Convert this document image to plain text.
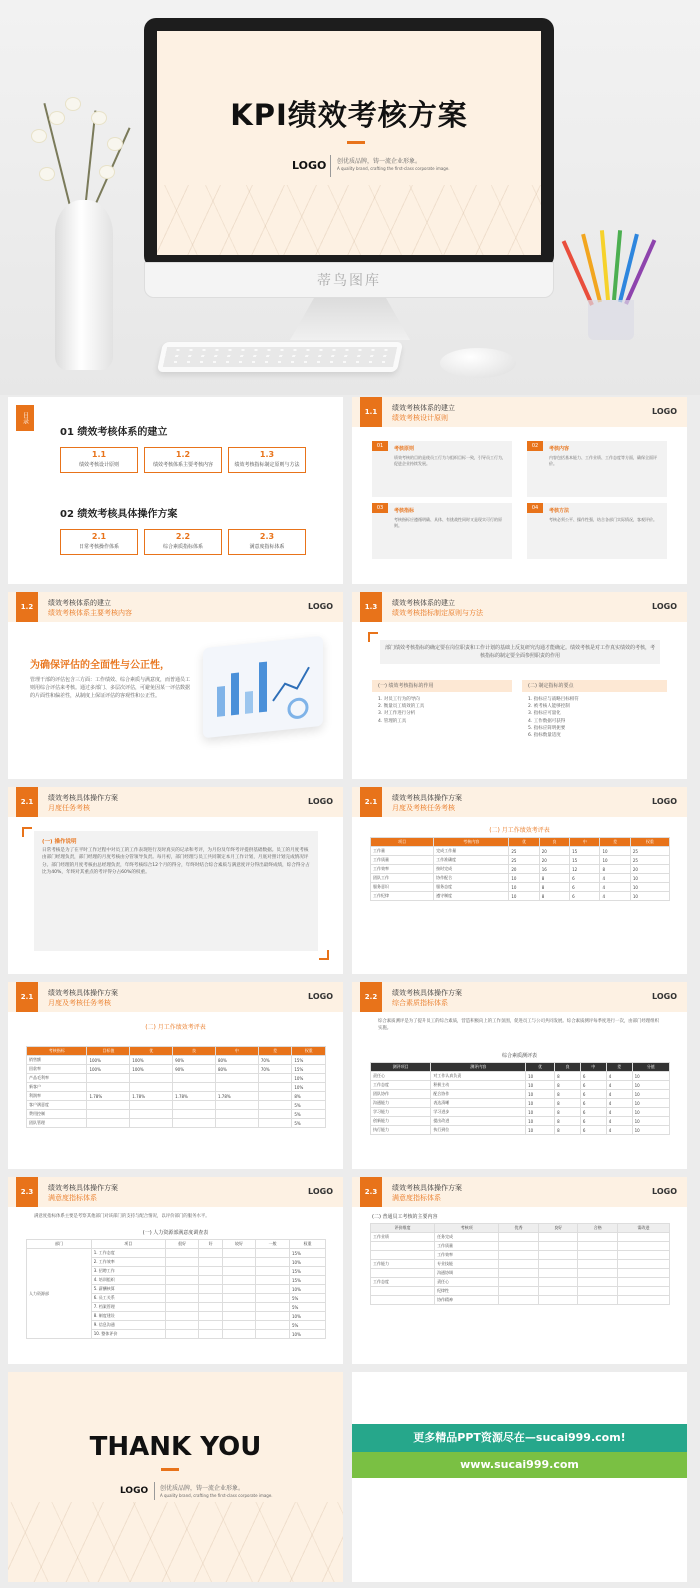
KPI绩效考核方案
LOGO 创优质品牌，铸一流企业形象。
A quality brand, crafting the first-class corporate image.
蒂鸟图库
目录
01 绩效考核体系的建立
1.1
绩效考核设计原则
1.2
绩效考核体系主要考核内容
1.3
绩效考核指标制定原则与方法
02 绩效考核具体操作方案
2.1
日常考核操作体系
2.2
综合素质指标体系
2.3
满意度指标体系
1.1	绩效考核体系的建立
绩效考核设计原则
LOGO
01	考核原则
绩效考核的目的是使员工行为与组织目标一致，引导员工行为，促进企业持续发展。
02	考核内容
内容包括基本能力、工作业绩、工作态度等方面，确保全面评价。
03	考核指标
考核指标应遵循明确、具体、有挑战性同时又是现实可行的原则。
04	考核方法
考核必须公平、操作性强，结合各部门实际情况，客观评价。
1.2	绩效考核体系的建立
绩效考核体系主要考核内容
LOGO
为确保评估的全面性与公正性，
管理干部的评估包含三方面：工作绩效、综合素质与满意度，而普通员工则用综合评估来考核。通过多部门、多层次评估，可避免因某一评估数据的片面性和偏差性，从制度上保证评估的客观性和公正性。
1.3	绩效考核体系的建立
绩效考核指标制定原则与方法
LOGO
部门绩效考核指标的确定要在岗位职责和工作计划的基础上反复研究沟通才能确定。绩效考核是对工作真实绩效的考核，考核指标的制定要全面参照职责的作用
(一) 绩效考核指标的作用	(二) 制定指标的要点
1. 对员工行为的导向
2. 衡量员工绩效的工具
3. 对工作进行分析
4. 管理的工具
1. 指标应与战略目标相符
2. 被考核人能够控制
3. 指标应可量化
4. 工作数据可获得
5. 指标应简明扼要
6. 指标数量适度
2.1	绩效考核具体操作方案
月度任务考核
LOGO
(一) 操作说明
日常考核是为了在平时工作过程中对员工的工作表现进行及时真实的记录和考评，为月份及年终考评提供基础数据。员工的月度考核由部门经理负责，部门经理的月度考核由分管领导负责。每月初，部门经理与员工共同制定本月工作计划，月底对照计划完成情况评分。部门经理的月度考核由总经理负责，年终考核综合12个月的得分，年终时结合综合素质与满意度评分得出最终成绩，综合得分占比为40%，年终对其重点的考评得分占60%的权重。
2.1	绩效考核具体操作方案
月度及考核任务考核
LOGO
(二) 月工作绩效考评表
项目	考核内容	优	良	中	差	权重
工作量	完成工作量	25	20	15	10	25
工作质量	工作准确度	25	20	15	10	25
工作效率	按时完成	20	16	12	8	20
团队工作	协作配合	10	8	6	4	10
服务意识	服务态度	10	8	6	4	10
工作纪律	遵守制度	10	8	6	4	10
2.1	绩效考核具体操作方案
月度及考核任务考核
LOGO
(二) 月工作绩效考评表
考核指标	目标值	优	良	中	差	权重
销售额	100%	100%	90%	80%	70%	15%
回款率	100%	100%	90%	80%	70%	15%
产品毛利率						10%
新客户						10%
利润率	1.78%	1.78%	1.78%	1.78%		8%
客户满意度						5%
费用控制						5%
团队管理						5%
2.2	绩效考核具体操作方案
综合素质指标体系
LOGO
综合素质测评是为了提升员工的综合素质，营造积极向上的工作氛围，促进员工与公司共同发展。综合素质测评每季度进行一次，由部门经理组织实施。
综合素质测评表
测评项目	测评内容	优	良	中	差	分值
责任心	对工作认真负责	10	8	6	4	10
工作态度	积极主动	10	8	6	4	10
团队协作	配合协作	10	8	6	4	10
沟通能力	表达清晰	10	8	6	4	10
学习能力	学习进步	10	8	6	4	10
创新能力	提出改进	10	8	6	4	10
执行能力	执行到位	10	8	6	4	10
2.3	绩效考核具体操作方案
满意度指标体系
LOGO
满意度指标体系主要是考察其他部门对该部门的支持与配合情况，以评价部门的服务水平。
(一) 人力资源部满意度调查表
部门	项目	很好	好	较好	一般	权重
人力资源部	1. 工作态度					15%
	2. 工作效率					10%
	3. 招聘工作					15%
	4. 培训组织					15%
	5. 薪酬核算					10%
	6. 员工关系					5%
	7. 档案管理					5%
	8. 制度建设					10%
	9. 信息沟通					5%
	10. 整体评价					10%
2.3	绩效考核具体操作方案
满意度指标体系
LOGO
(二) 普通员工考核的主要内容
评价维度	考核项	优秀	良好	合格	需改进
工作业绩	任务完成				
	工作质量				
	工作效率				
工作能力	专业技能				
	沟通协调				
工作态度	责任心				
	纪律性				
	协作精神				
THANK YOU
LOGO 创优质品牌，铸一流企业形象。
A quality brand, crafting the first-class corporate image.
更多精品PPT资源尽在—sucai999.com!
www.sucai999.com
